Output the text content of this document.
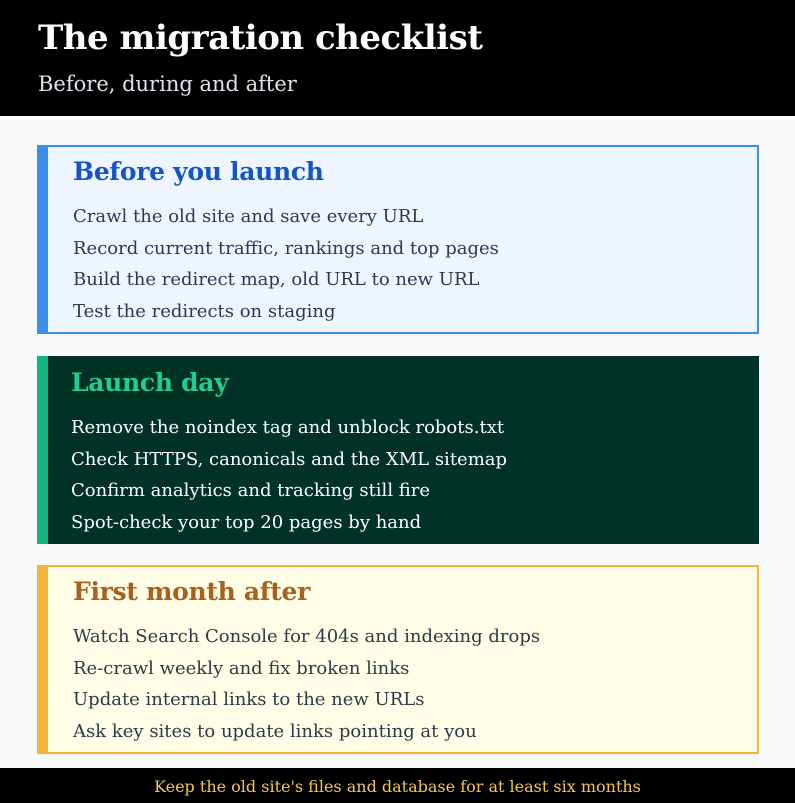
The migration checklist
Before, during and after
Before you launch
Crawl the old site and save every URL
Record current traffic, rankings and top pages
Build the redirect map, old URL to new URL
Test the redirects on staging
Launch day
Remove the noindex tag and unblock robots.txt
Check HTTPS, canonicals and the XML sitemap
Confirm analytics and tracking still fire
Spot-check your top 20 pages by hand
First month after
Watch Search Console for 404s and indexing drops
Re-crawl weekly and fix broken links
Update internal links to the new URLs
Ask key sites to update links pointing at you
Keep the old site's files and database for at least six months
